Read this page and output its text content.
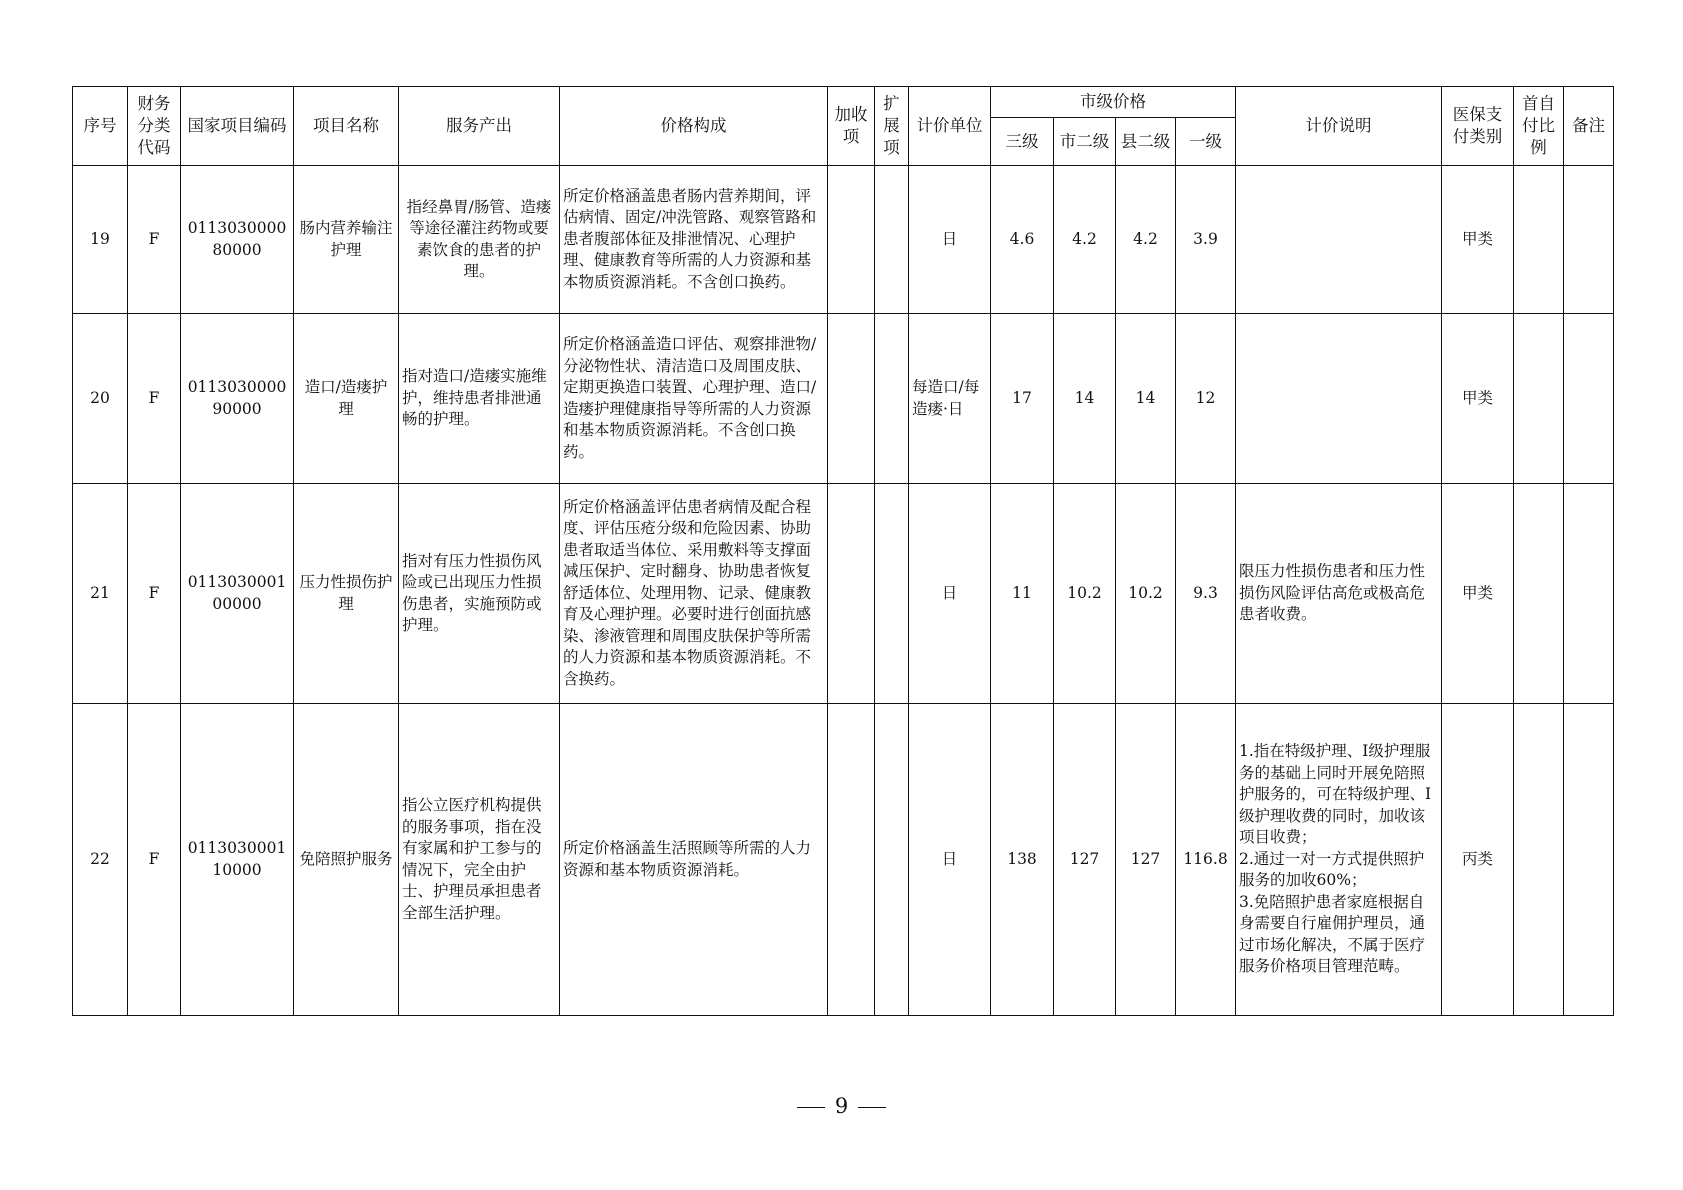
序号	财务分类代码	国家项目编码	项目名称	服务产出	价格构成	加收项	扩展项	计价单位	市级价格				计价说明	医保支付类别	首自付比例	备注
									三级	市二级	县二级	一级				
19	F	011303000080000	肠内营养输注护理	指经鼻胃/肠管、造瘘等途径灌注药物或要素饮食的患者的护理。	所定价格涵盖患者肠内营养期间，评估病情、固定/冲洗管路、观察管路和患者腹部体征及排泄情况、心理护理、健康教育等所需的人力资源和基本物质资源消耗。不含创口换药。			日	4.6	4.2	4.2	3.9		甲类		
20	F	011303000090000	造口/造瘘护理	指对造口/造瘘实施维护，维持患者排泄通畅的护理。	所定价格涵盖造口评估、观察排泄物/分泌物性状、清洁造口及周围皮肤、定期更换造口装置、心理护理、造口/造瘘护理健康指导等所需的人力资源和基本物质资源消耗。不含创口换药。			每造口/每造瘘·日	17	14	14	12		甲类		
21	F	011303000100000	压力性损伤护理	指对有压力性损伤风险或已出现压力性损伤患者，实施预防或护理。	所定价格涵盖评估患者病情及配合程度、评估压疮分级和危险因素、协助患者取适当体位、采用敷料等支撑面减压保护、定时翻身、协助患者恢复舒适体位、处理用物、记录、健康教育及心理护理。必要时进行创面抗感染、渗液管理和周围皮肤保护等所需的人力资源和基本物质资源消耗。不含换药。			日	11	10.2	10.2	9.3	限压力性损伤患者和压力性损伤风险评估高危或极高危患者收费。	甲类		
22	F	011303000110000	免陪照护服务	指公立医疗机构提供的服务事项，指在没有家属和护工参与的情况下，完全由护士、护理员承担患者全部生活护理。	所定价格涵盖生活照顾等所需的人力资源和基本物质资源消耗。			日	138	127	127	116.8	1.指在特级护理、I级护理服务的基础上同时开展免陪照护服务的，可在特级护理、I级护理收费的同时，加收该项目收费；
2.通过一对一方式提供照护服务的加收60%；
3.免陪照护患者家庭根据自身需要自行雇佣护理员，通过市场化解决，不属于医疗服务价格项目管理范畴。	丙类		
9
